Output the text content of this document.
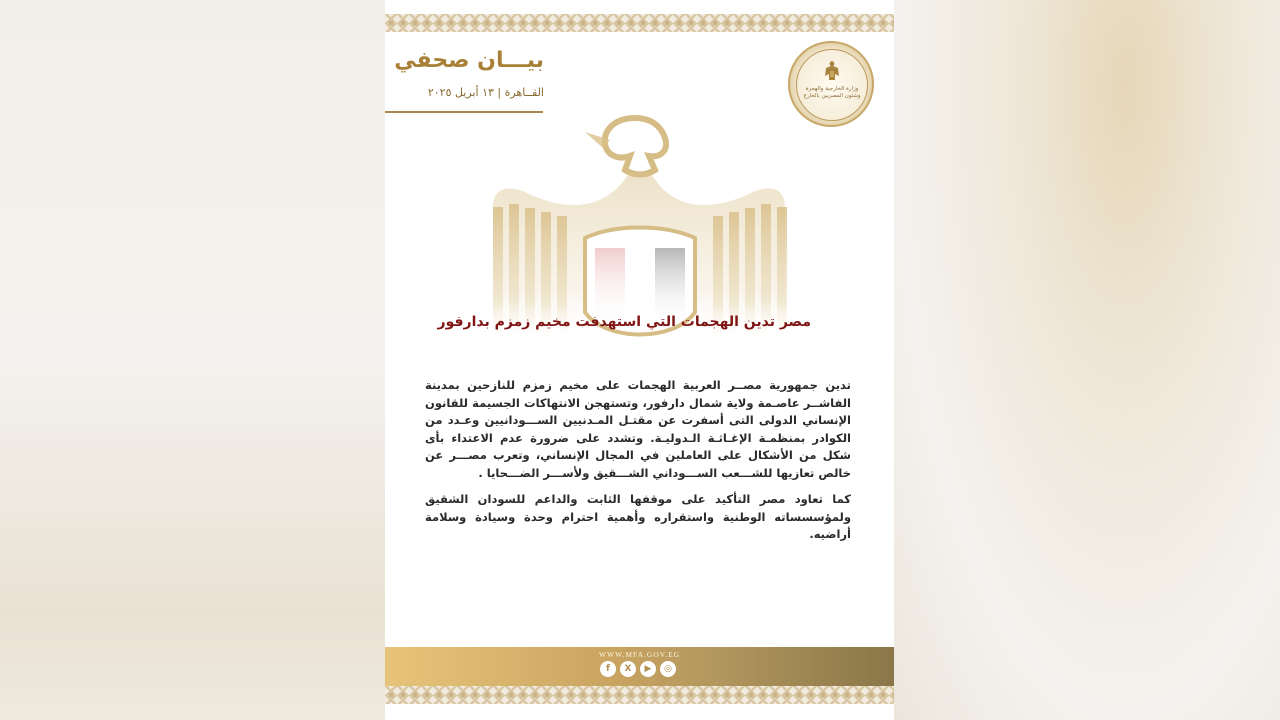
وزارة الخارجية والهجرة وشئون المصريين بالخارج
بيـــان صحفي
القــاهرة | ١٣ أبريل ٢٠٢٥
مصر تدين الهجمات التي استهدفت مخيم زمزم بدارفور

تدين جمهورية مصــر العربية الهجمات على مخيم زمزم للنازحين بمدينة الفاشــر عاصـمة ولاية شمال دارفور، وتستهجن الانتهاكات الجسيمة للقانون الإنساني الدولى التى أسفرت عن مقتـل المـدنيين الســـودانيين وعـدد من الكوادر بمنظمـة الإغـاثـة الـدوليـة. وتشدد على ضرورة عدم الاعتداء بأى شكل من الأشكال على العاملين في المجال الإنساني، وتعرب مصـــر عن خالص تعازيها للشـــعب الســـوداني الشـــقيق ولأســـر الضـــحايا .

كما تعاود مصر التأكيد على موقفها الثابت والداعم للسودان الشقيق ولمؤسسساته الوطنية واستقراره وأهمية احترام وحدة وسيادة وسلامة أراضيه.

WWW.MFA.GOV.EG
f	X	▶	◎
